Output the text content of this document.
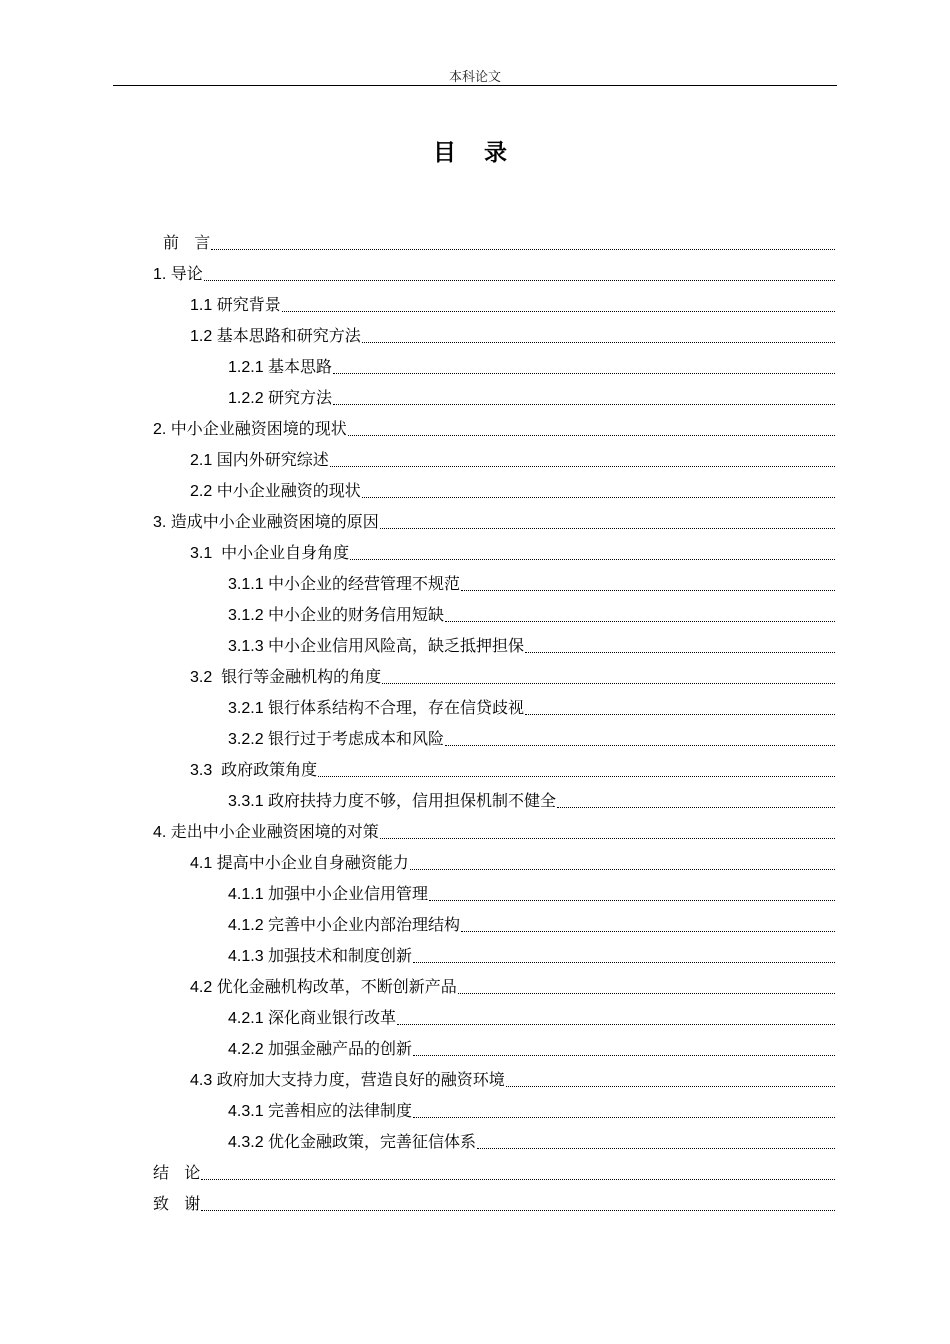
本科论文
目 录
前   言
1. 导论
1.1 研究背景
1.2 基本思路和研究方法
1.2.1 基本思路
1.2.2 研究方法
2. 中小企业融资困境的现状
2.1 国内外研究综述
2.2 中小企业融资的现状
3. 造成中小企业融资困境的原因
3.1  中小企业自身角度
3.1.1 中小企业的经营管理不规范
3.1.2 中小企业的财务信用短缺
3.1.3 中小企业信用风险高，缺乏抵押担保
3.2  银行等金融机构的角度
3.2.1 银行体系结构不合理，存在信贷歧视
3.2.2 银行过于考虑成本和风险
3.3  政府政策角度
3.3.1 政府扶持力度不够，信用担保机制不健全
4. 走出中小企业融资困境的对策
4.1 提高中小企业自身融资能力
4.1.1 加强中小企业信用管理
4.1.2 完善中小企业内部治理结构
4.1.3 加强技术和制度创新
4.2 优化金融机构改革，不断创新产品
4.2.1 深化商业银行改革
4.2.2 加强金融产品的创新
4.3 政府加大支持力度，营造良好的融资环境
4.3.1 完善相应的法律制度
4.3.2 优化金融政策，完善征信体系
结   论
致   谢
